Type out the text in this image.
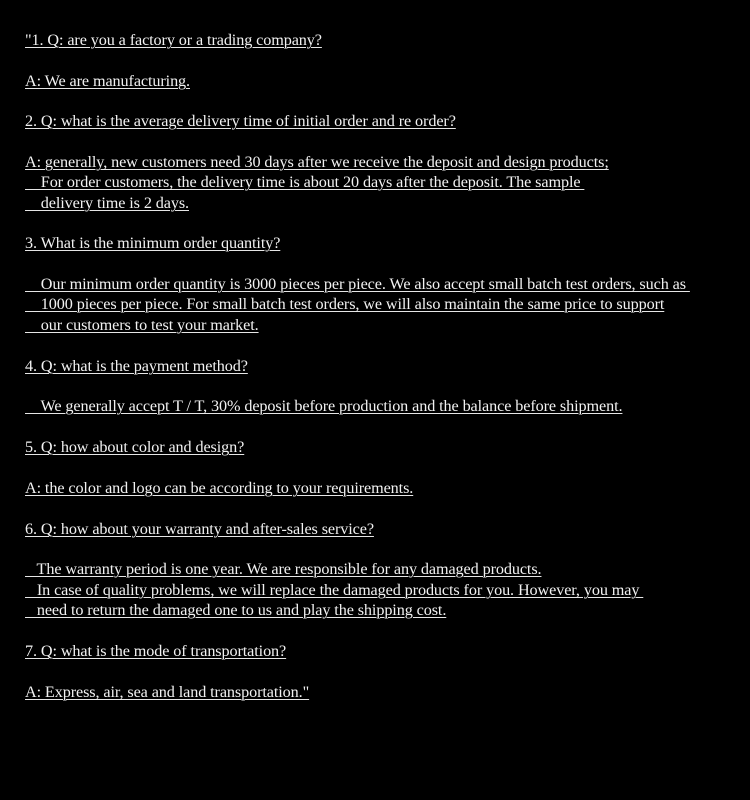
"1. Q: are you a factory or a trading company?
A: We are manufacturing.
2. Q: what is the average delivery time of initial order and re order?
A: generally, new customers need 30 days after we receive the deposit and design products;
For order customers, the delivery time is about 20 days after the deposit. The sample
delivery time is 2 days.
3. What is the minimum order quantity?
Our minimum order quantity is 3000 pieces per piece. We also accept small batch test orders, such as
1000 pieces per piece. For small batch test orders, we will also maintain the same price to support
our customers to test your market.
4. Q: what is the payment method?
We generally accept T / T, 30% deposit before production and the balance before shipment.
5. Q: how about color and design?
A: the color and logo can be according to your requirements.
6. Q: how about your warranty and after-sales service?
The warranty period is one year. We are responsible for any damaged products.
In case of quality problems, we will replace the damaged products for you. However, you may
need to return the damaged one to us and play the shipping cost.
7. Q: what is the mode of transportation?
A: Express, air, sea and land transportation."
